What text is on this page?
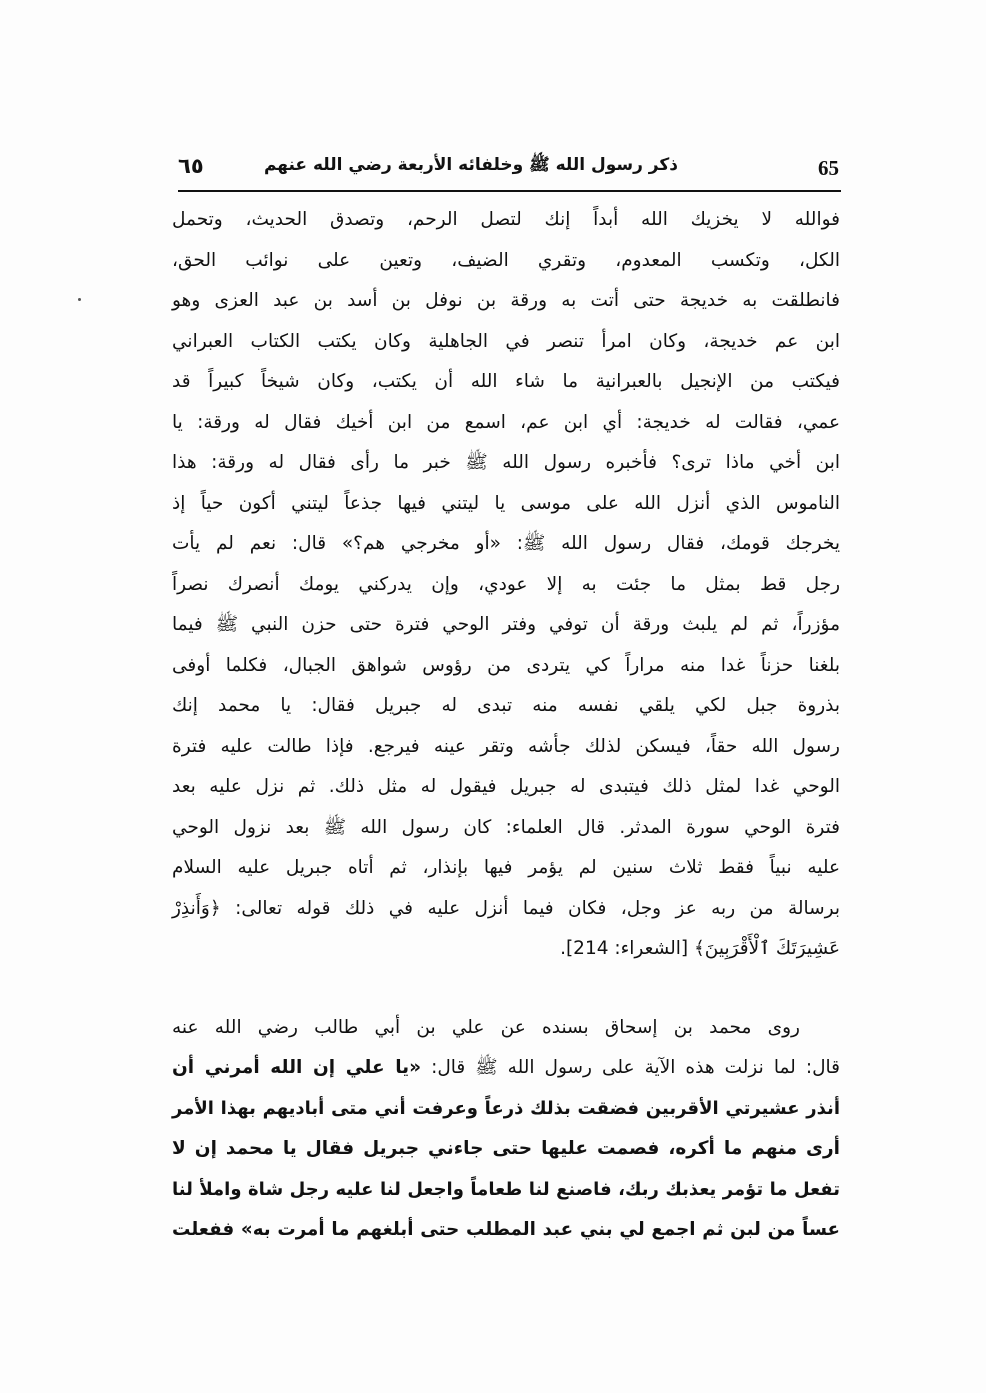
65
ذكر رسول الله ﷺ وخلفائه الأربعة رضي الله عنهم
٦٥
فوالله لا يخزيك الله أبداً إنك لتصل الرحم، وتصدق الحديث، وتحمل
الكل، وتكسب المعدوم، وتقري الضيف، وتعين على نوائب الحق،
فانطلقت به خديجة حتى أتت به ورقة بن نوفل بن أسد بن عبد العزى وهو
ابن عم خديجة، وكان امرأ تنصر في الجاهلية وكان يكتب الكتاب العبراني
فيكتب من الإنجيل بالعبرانية ما شاء الله أن يكتب، وكان شيخاً كبيراً قد
عمي، فقالت له خديجة: أي ابن عم، اسمع من ابن أخيك فقال له ورقة: يا
ابن أخي ماذا ترى؟ فأخبره رسول الله ﷺ خبر ما رأى فقال له ورقة: هذا
الناموس الذي أنزل الله على موسى يا ليتني فيها جذعاً ليتني أكون حياً إذ
يخرجك قومك، فقال رسول الله ﷺ: «أو مخرجي هم؟» قال: نعم لم يأت
رجل قط بمثل ما جئت به إلا عودي، وإن يدركني يومك أنصرك نصراً
مؤزراً، ثم لم يلبث ورقة أن توفي وفتر الوحي فترة حتى حزن النبي ﷺ فيما
بلغنا حزناً غدا منه مراراً كي يتردى من رؤوس شواهق الجبال، فكلما أوفى
بذروة جبل لكي يلقي نفسه منه تبدى له جبريل فقال: يا محمد إنك
رسول الله حقاً، فيسكن لذلك جأشه وتقر عينه فيرجع. فإذا طالت عليه فترة
الوحي غدا لمثل ذلك فيتبدى له جبريل فيقول له مثل ذلك. ثم نزل عليه بعد
فترة الوحي سورة المدثر. قال العلماء: كان رسول الله ﷺ بعد نزول الوحي
عليه نبياً فقط ثلاث سنين لم يؤمر فيها بإنذار، ثم أتاه جبريل عليه السلام
برسالة من ربه عز وجل، فكان فيما أنزل عليه في ذلك قوله تعالى: ﴿وَأَنذِرْ
عَشِيرَتَكَ ٱلْأَقْرَبِينَ﴾ [الشعراء: 214].
روى محمد بن إسحاق بسنده عن علي بن أبي طالب رضي الله عنه
قال: لما نزلت هذه الآية على رسول الله ﷺ قال: «يا علي إن الله أمرني أن
أنذر عشيرتي الأقربين فضقت بذلك ذرعاً وعرفت أني متى أباديهم بهذا الأمر
أرى منهم ما أكره، فصمت عليها حتى جاءني جبريل فقال يا محمد إن لا
تفعل ما تؤمر يعذبك ربك، فاصنع لنا طعاماً واجعل لنا عليه رجل شاة واملأ لنا
عساً من لبن ثم اجمع لي بني عبد المطلب حتى أبلغهم ما أمرت به» ففعلت
